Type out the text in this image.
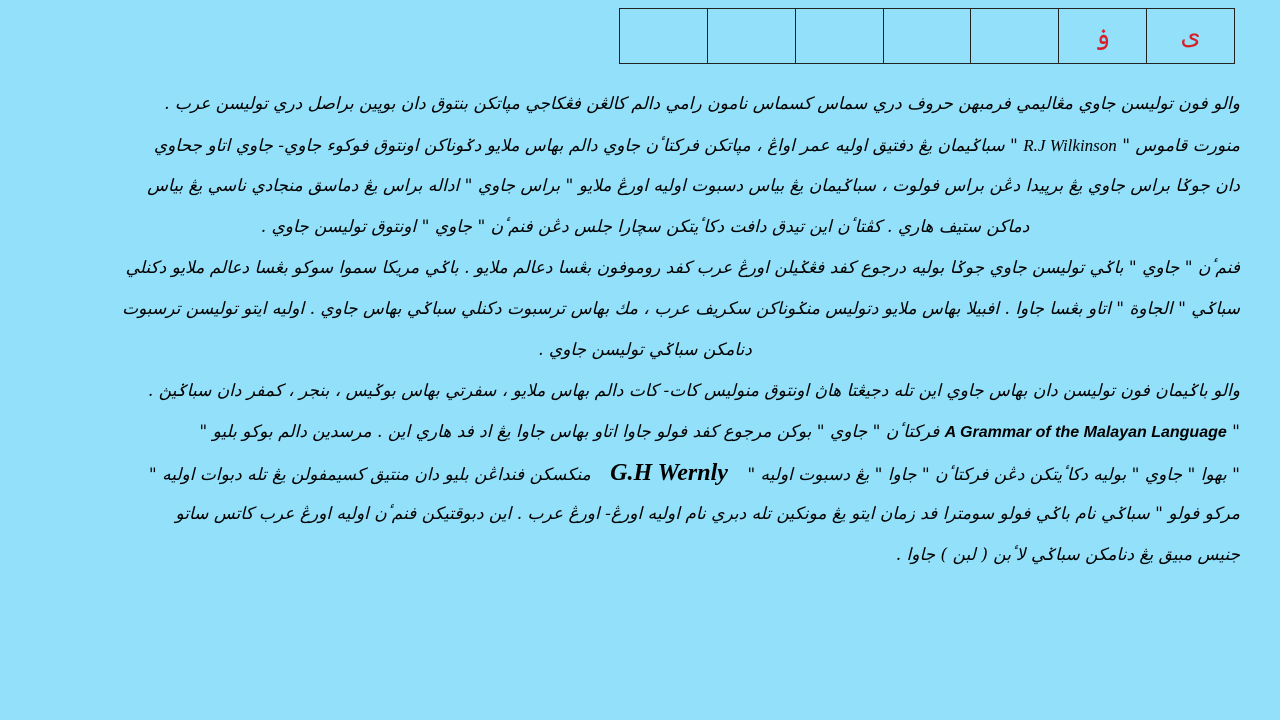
					ۏ	ى
والو فون توليسن جاوي مڠاليمي فرمبهن حروف دري سماس كسماس نامون رامي دالم كالڠن فڠكاجي مڽاتكن بنتوق دان بوڽين براصل دري توليسن عرب .
منورت قاموس " R.J Wilkinson " سباݢيمان يڠ دفتيق اوليه عمر اواڠ ، مڽاتكن فركتاٴن جاوي دالم بهاس ملايو دݢوناكن اونتوق فوكوء جاوي- جاوي اتاو جحاوي
دان جوݢا براس جاوي يڠ برڽيدا دڠن براس فولوت ، سباݢيمان يڠ بياس دسبوت اوليه اورڠ ملايو " براس جاوي " اداله براس يڠ دماسق منجادي ناسي يڠ بياس
دماكن ستيف هاري . كڤتاٴن اين تيدق دافت دكاٴيتكن سچارا جلس دڠن فنمٴن " جاوي " اونتوق توليسن جاوي .
فنمٴن " جاوي " باݢي توليسن جاوي جوݢا بوليه درجوع كفد فڠݢيلن اورڠ عرب كفد روموفون بڠسا دعالم ملايو . باݢي مريكا سموا سوكو بڠسا دعالم ملايو دكنلي
سباݢي " الجاوة " اتاو بڠسا جاوا . افبيلا بهاس ملايو دتوليس منݢوناكن سكريف عرب ، مك بهاس ترسبوت دكنلي سباݢي بهاس جاوي . اوليه ايتو توليسن ترسبوت
دنامكن سباݢي توليسن جاوي .
والو باݢيمان فون توليسن دان بهاس جاوي اين تله دجيڠتا هاڽ اونتوق منوليس كات- كات دالم بهاس ملايو ، سفرتي بهاس بوݢيس ، بنجر ، كمفر دان سباݢيڽ .
" A Grammar of the Malayan Language فركتاٴن " جاوي " بوكن مرجوع كفد فولو جاوا اتاو بهاس جاوا يڠ اد فد هاري اين . مرسدين دالم بوكو بليو "
" بهوا " جاوي " بوليه دكاٴيتكن دڠن فركتاٴن " جاوا " يڠ دسبوت اوليه " G.H Wernly منكسكن فنداڠن بليو دان منتيق كسيمفولن يڠ تله دبوات اوليه "
مركو فولو " سباݢي نام باݢي فولو سومترا فد زمان ايتو يڠ مونكين تله دبري نام اوليه اورڠ- اورڠ عرب . اين دبوقتيكن فنمٴن اوليه اورڠ عرب كاتس ساتو
جنيس مبيق يڠ دنامكن سباݢي لاٴبن ( لبن ) جاوا .
